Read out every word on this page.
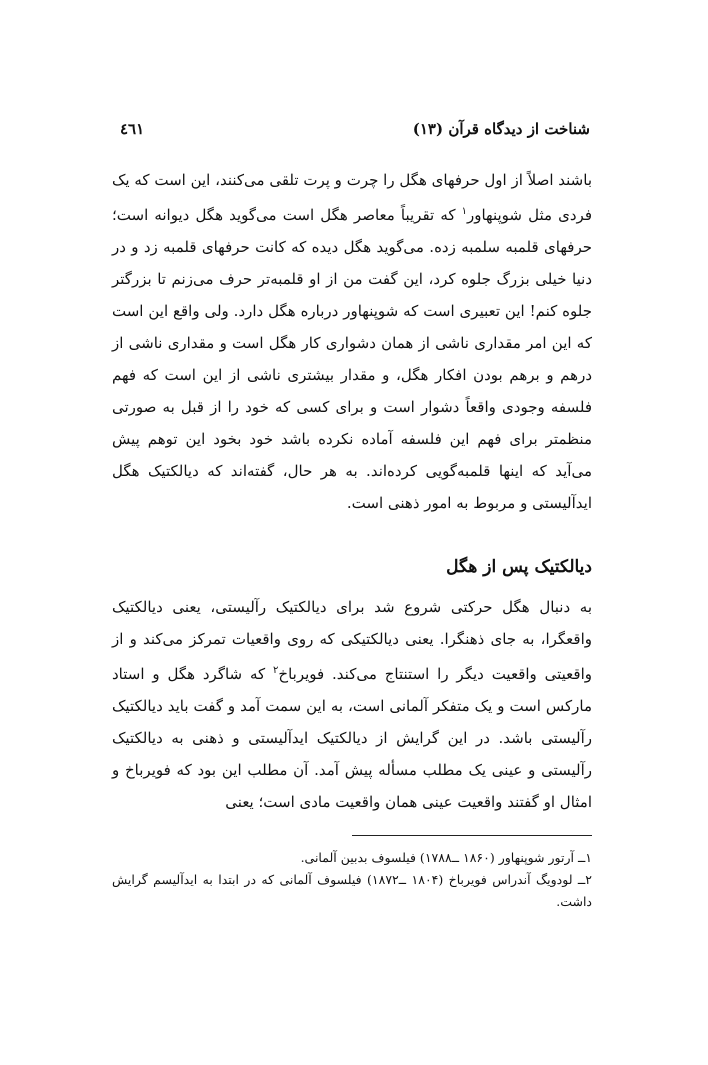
شناخت از دیدگاه قرآن (۱۳)
٤٦١

باشند اصلاً از اول حرفهای هگل را چرت و پرت تلقی می‌کنند، این است که یک فردی مثل شوپنهاور$^۱$ که تقریباً معاصر هگل است می‌گوید هگل دیوانه است؛ حرفهای قلمبه سلمبه زده. می‌گوید هگل دیده که کانت حرفهای قلمبه زد و در دنیا خیلی بزرگ جلوه کرد، این گفت من از او قلمبه‌تر حرف می‌زنم تا بزرگتر جلوه کنم! این تعبیری است که شوپنهاور درباره هگل دارد. ولی واقع این است که این امر مقداری ناشی از همان دشواری کار هگل است و مقداری ناشی از درهم و برهم بودن افکار هگل، و مقدار بیشتری ناشی از این است که فهم فلسفه وجودی واقعاً دشوار است و برای کسی که خود را از قبل به صورتی منظمتر برای فهم این فلسفه آماده نکرده باشد خود بخود این توهم پیش می‌آید که اینها قلمبه‌گویی کرده‌اند. به هر حال، گفته‌اند که دیالکتیک هگل ایدآلیستی و مربوط به امور ذهنی است.

دیالکتیک پس از هگل

به دنبال هگل حرکتی شروع شد برای دیالکتیک رآلیستی، یعنی دیالکتیک واقعگرا، به جای ذهنگرا. یعنی دیالکتیکی که روی واقعیات تمرکز می‌کند و از واقعیتی واقعیت دیگر را استنتاج می‌کند. فویرباخ$^۲$ که شاگرد هگل و استاد مارکس است و یک متفکر آلمانی است، به این سمت آمد و گفت باید دیالکتیک رآلیستی باشد. در این گرایش از دیالکتیک ایدآلیستی و ذهنی به دیالکتیک رآلیستی و عینی یک مطلب مسأله پیش آمد. آن مطلب این بود که فویرباخ و امثال او گفتند واقعیت عینی همان واقعیت مادی است؛ یعنی

۱ــ آرتور شوپنهاور (۱۸۶۰ ــ۱۷۸۸) فیلسوف بدبین آلمانی.

۲ــ لودویگ آندراس فویرباخ (۱۸۰۴ ــ۱۸۷۲) فیلسوف آلمانی که در ابتدا به ایدآلیسم گرایش داشت.
